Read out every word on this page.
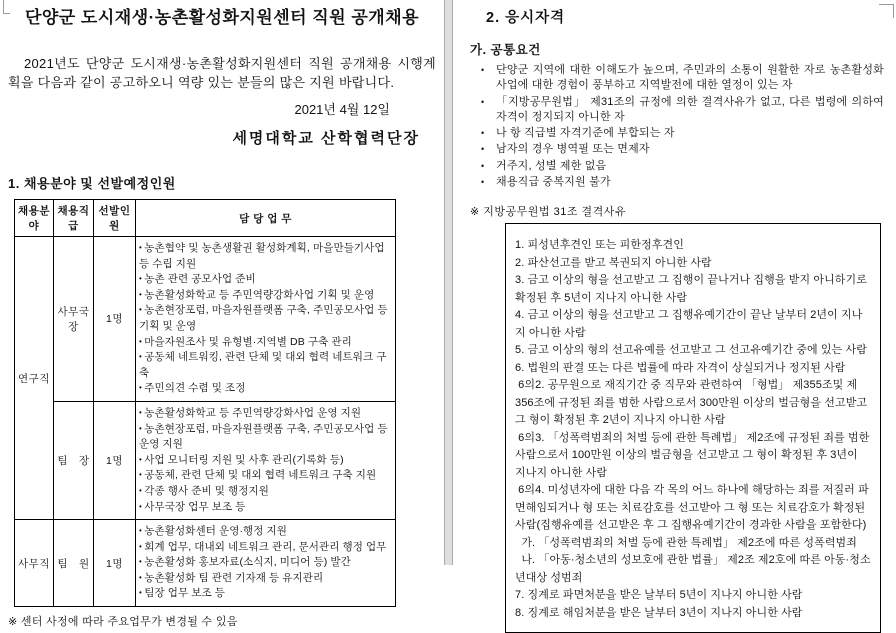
단양군 도시재생·농촌활성화지원센터 직원 공개채용
2021년도 단양군 도시재생·농촌활성화지원센터 직원 공개채용 시행계획을 다음과 같이 공고하오니 역량 있는 분들의 많은 지원 바랍니다.
2021년 4월 12일
세명대학교 산학협력단장
1. 채용분야 및 선발예정인원
채용분야	채용직급	선발인원	담 당 업 무
연구직	사무국장	1명	
• 농촌협약 및 농촌생활권 활성화계획, 마을만들기사업 등 수립 지원
• 농촌 관련 공모사업 준비
• 농촌활성화학교 등 주민역량강화사업 기획 및 운영
• 농촌현장포럼, 마을자원플랫폼 구축, 주민공모사업 등 기획 및 운영
• 마을자원조사 및 유형별·지역별 DB 구축 관리
• 공동체 네트워킹, 관련 단체 및 대외 협력 네트워크 구축
• 주민의견 수렴 및 조정

팀　장	1명	
• 농촌활성화학교 등 주민역량강화사업 운영 지원
• 농촌현장포럼, 마을자원플랫폼 구축, 주민공모사업 등 운영 지원
• 사업 모니터링 지원 및 사후 관리(기록화 등)
• 공동체, 관련 단체 및 대외 협력 네트워크 구축 지원
• 각종 행사 준비 및 행정지원
• 사무국장 업무 보조 등

사무직	팀　원	1명	• 농촌활성화센터 운영·행정 지원
• 회계 업무, 대내외 네트워크 관리, 문서관리 행정 업무
• 농촌활성화 홍보자료(소식지, 미디어 등) 발간
• 농촌활성화 팀 관련 기자재 등 유지관리
• 팀장 업무 보조 등
※ 센터 사정에 따라 주요업무가 변경될 수 있음
2. 응시자격
가. 공통요건
• 단양군 지역에 대한 이해도가 높으며, 주민과의 소통이 원활한 자로 농촌활성화사업에 대한 경험이 풍부하고 지역발전에 대한 열정이 있는 자
• 「지방공무원법」 제31조의 규정에 의한 결격사유가 없고, 다른 법령에 의하여 자격이 정지되지 아니한 자
• 나 항 직급별 자격기준에 부합되는 자
• 남자의 경우 병역필 또는 면제자
• 거주지, 성별 제한 없음
• 채용직급 중복지원 불가
※ 지방공무원법 31조 결격사유
1. 피성년후견인 또는 피한정후견인
2. 파산선고를 받고 복권되지 아니한 사람
3. 금고 이상의 형을 선고받고 그 집행이 끝나거나 집행을 받지 아니하기로 확정된 후 5년이 지나지 아니한 사람
4. 금고 이상의 형을 선고받고 그 집행유예기간이 끝난 날부터 2년이 지나지 아니한 사람
5. 금고 이상의 형의 선고유예를 선고받고 그 선고유예기간 중에 있는 사람
6. 법원의 판결 또는 다른 법률에 따라 자격이 상실되거나 정지된 사람
6의2. 공무원으로 재직기간 중 직무와 관련하여 「형법」 제355조및 제356조에 규정된 죄를 범한 사람으로서 300만원 이상의 벌금형을 선고받고 그 형이 확정된 후 2년이 지나지 아니한 사람
6의3. 「성폭력범죄의 처벌 등에 관한 특례법」 제2조에 규정된 죄를 범한 사람으로서 100만원 이상의 벌금형을 선고받고 그 형이 확정된 후 3년이 지나지 아니한 사람
6의4. 미성년자에 대한 다음 각 목의 어느 하나에 해당하는 죄를 저질러 파면해임되거나 형 또는 치료감호를 선고받아 그 형 또는 치료감호가 확정된 사람(집행유예를 선고받은 후 그 집행유예기간이 경과한 사람을 포함한다)
가. 「성폭력범죄의 처벌 등에 관한 특례법」 제2조에 따른 성폭력범죄
나. 「아동·청소년의 성보호에 관한 법률」 제2조 제2호에 따른 아동·청소년대상 성범죄
7. 징계로 파면처분을 받은 날부터 5년이 지나지 아니한 사람
8. 징계로 해임처분을 받은 날부터 3년이 지나지 아니한 사람
